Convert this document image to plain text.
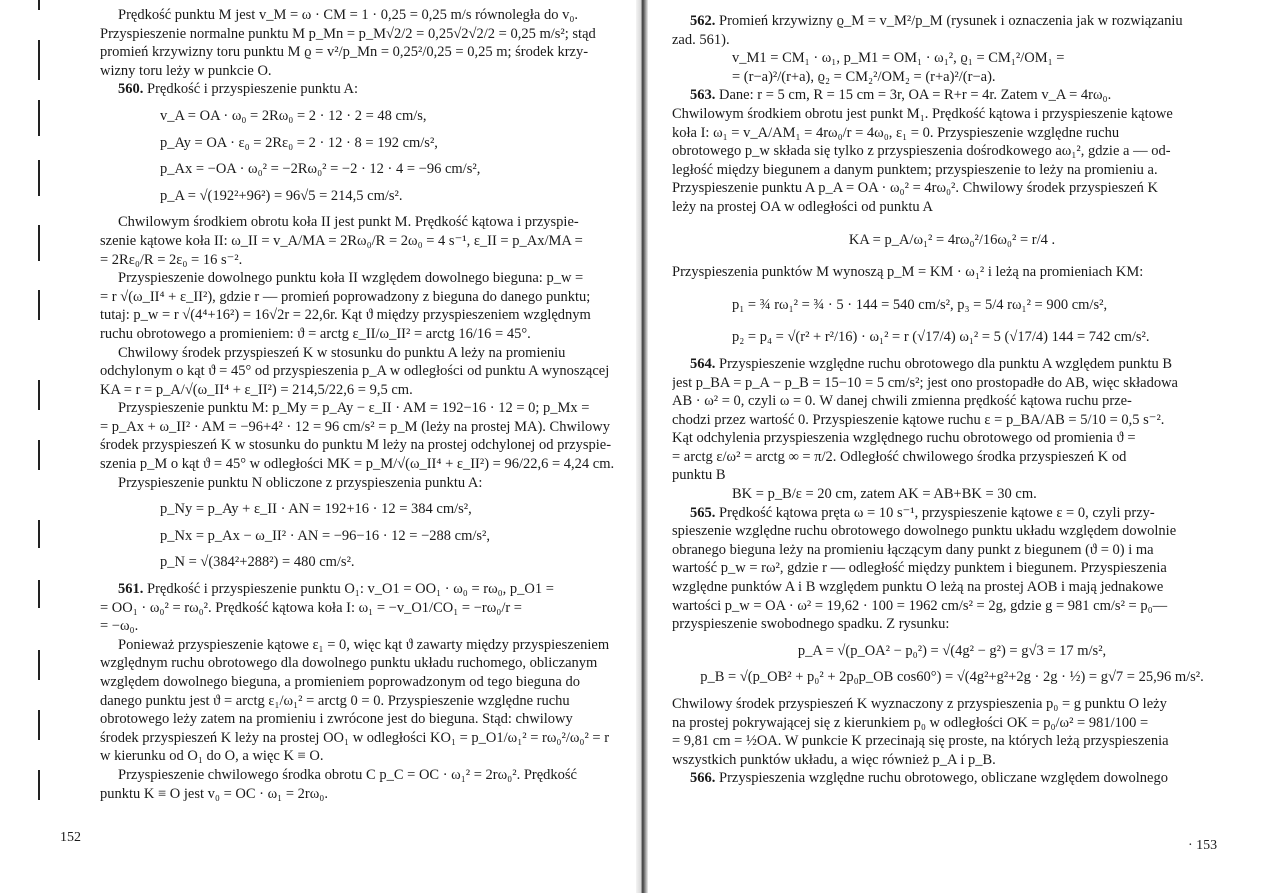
Prędkość punktu M jest v_M = ω · CM = 1 · 0,25 = 0,25 m/s równoległa do v₀.
Przyspieszenie normalne punktu M p_Mn = p_M√2/2 = 0,25√2√2/2 = 0,25 m/s²; stąd
promień krzywizny toru punktu M ϱ = v²/p_Mn = 0,25²/0,25 = 0,25 m; środek krzy-
wizny toru leży w punkcie O.
560. Prędkość i przyspieszenie punktu A:
v_A = OA · ω₀ = 2Rω₀ = 2 · 12 · 2 = 48 cm/s,
p_Ay = OA · ε₀ = 2Rε₀ = 2 · 12 · 8 = 192 cm/s²,
p_Ax = −OA · ω₀² = −2Rω₀² = −2 · 12 · 4 = −96 cm/s²,
p_A = √(192²+96²) = 96√5 = 214,5 cm/s².
Chwilowym środkiem obrotu koła II jest punkt M. Prędkość kątowa i przyspie-
szenie kątowe koła II: ω_II = v_A/MA = 2Rω₀/R = 2ω₀ = 4 s⁻¹, ε_II = p_Ax/MA =
= 2Rε₀/R = 2ε₀ = 16 s⁻².
Przyspieszenie dowolnego punktu koła II względem dowolnego bieguna: p_w =
= r √(ω_II⁴ + ε_II²), gdzie r — promień poprowadzony z bieguna do danego punktu;
tutaj: p_w = r √(4⁴+16²) = 16√2r = 22,6r. Kąt ϑ między przyspieszeniem względnym
ruchu obrotowego a promieniem: ϑ = arctg ε_II/ω_II² = arctg 16/16 = 45°.
Chwilowy środek przyspieszeń K w stosunku do punktu A leży na promieniu
odchylonym o kąt ϑ = 45° od przyspieszenia p_A w odległości od punktu A wynoszącej
KA = r = p_A/√(ω_II⁴ + ε_II²) = 214,5/22,6 = 9,5 cm.
Przyspieszenie punktu M: p_My = p_Ay − ε_II · AM = 192−16 · 12 = 0; p_Mx =
= p_Ax + ω_II² · AM = −96+4² · 12 = 96 cm/s² = p_M (leży na prostej MA). Chwilowy
środek przyspieszeń K w stosunku do punktu M leży na prostej odchylonej od przyspie-
szenia p_M o kąt ϑ = 45° w odległości MK = p_M/√(ω_II⁴ + ε_II²) = 96/22,6 = 4,24 cm.
Przyspieszenie punktu N obliczone z przyspieszenia punktu A:
p_Ny = p_Ay + ε_II · AN = 192+16 · 12 = 384 cm/s²,
p_Nx = p_Ax − ω_II² · AN = −96−16 · 12 = −288 cm/s²,
p_N = √(384²+288²) = 480 cm/s².
561. Prędkość i przyspieszenie punktu O₁: v_O1 = OO₁ · ω₀ = rω₀, p_O1 =
= OO₁ · ω₀² = rω₀². Prędkość kątowa koła I: ω₁ = −v_O1/CO₁ = −rω₀/r =
= −ω₀.
Ponieważ przyspieszenie kątowe ε₁ = 0, więc kąt ϑ zawarty między przyspieszeniem
względnym ruchu obrotowego dla dowolnego punktu układu ruchomego, obliczanym
względem dowolnego bieguna, a promieniem poprowadzonym od tego bieguna do
danego punktu jest ϑ = arctg ε₁/ω₁² = arctg 0 = 0. Przyspieszenie względne ruchu
obrotowego leży zatem na promieniu i zwrócone jest do bieguna. Stąd: chwilowy
środek przyspieszeń K leży na prostej OO₁ w odległości KO₁ = p_O1/ω₁² = rω₀²/ω₀² = r
w kierunku od O₁ do O, a więc K ≡ O.
Przyspieszenie chwilowego środka obrotu C p_C = OC · ω₁² = 2rω₀². Prędkość
punktu K ≡ O jest v₀ = OC · ω₁ = 2rω₀.
152
562. Promień krzywizny ϱ_M = v_M²/p_M (rysunek i oznaczenia jak w rozwiązaniu
zad. 561).
v_M1 = CM₁ · ω₁, p_M1 = OM₁ · ω₁², ϱ₁ = CM₁²/OM₁ =
= (r−a)²/(r+a), ϱ₂ = CM₂²/OM₂ = (r+a)²/(r−a).
563. Dane: r = 5 cm, R = 15 cm = 3r, OA = R+r = 4r. Zatem v_A = 4rω₀.
Chwilowym środkiem obrotu jest punkt M₁. Prędkość kątowa i przyspieszenie kątowe
koła I: ω₁ = v_A/AM₁ = 4rω₀/r = 4ω₀, ε₁ = 0. Przyspieszenie względne ruchu
obrotowego p_w składa się tylko z przyspieszenia dośrodkowego aω₁², gdzie a — od-
ległość między biegunem a danym punktem; przyspieszenie to leży na promieniu a.
Przyspieszenie punktu A p_A = OA · ω₀² = 4rω₀². Chwilowy środek przyspieszeń K
leży na prostej OA w odległości od punktu A
KA = p_A/ω₁² = 4rω₀²/16ω₀² = r/4 .
Przyspieszenia punktów M wynoszą p_M = KM · ω₁² i leżą na promieniach KM:
p₁ = ¾ rω₁² = ¾ · 5 · 144 = 540 cm/s², p₃ = 5/4 rω₁² = 900 cm/s²,
p₂ = p₄ = √(r² + r²/16) · ω₁² = r (√17/4) ω₁² = 5 (√17/4) 144 = 742 cm/s².
564. Przyspieszenie względne ruchu obrotowego dla punktu A względem punktu B
jest p_BA = p_A − p_B = 15−10 = 5 cm/s²; jest ono prostopadłe do AB, więc składowa
AB · ω² = 0, czyli ω = 0. W danej chwili zmienna prędkość kątowa ruchu prze-
chodzi przez wartość 0. Przyspieszenie kątowe ruchu ε = p_BA/AB = 5/10 = 0,5 s⁻².
Kąt odchylenia przyspieszenia względnego ruchu obrotowego od promienia ϑ =
= arctg ε/ω² = arctg ∞ = π/2. Odległość chwilowego środka przyspieszeń K od
punktu B
BK = p_B/ε = 20 cm, zatem AK = AB+BK = 30 cm.
565. Prędkość kątowa pręta ω = 10 s⁻¹, przyspieszenie kątowe ε = 0, czyli przy-
spieszenie względne ruchu obrotowego dowolnego punktu układu względem dowolnie
obranego bieguna leży na promieniu łączącym dany punkt z biegunem (ϑ = 0) i ma
wartość p_w = rω², gdzie r — odległość między punktem i biegunem. Przyspieszenia
względne punktów A i B względem punktu O leżą na prostej AOB i mają jednakowe
wartości p_w = OA · ω² = 19,62 · 100 = 1962 cm/s² = 2g, gdzie g = 981 cm/s² = p₀—
przyspieszenie swobodnego spadku. Z rysunku:
p_A = √(p_OA² − p₀²) = √(4g² − g²) = g√3 = 17 m/s²,
p_B = √(p_OB² + p₀² + 2p₀p_OB cos60°) = √(4g²+g²+2g · 2g · ½) = g√7 = 25,96 m/s².
Chwilowy środek przyspieszeń K wyznaczony z przyspieszenia p₀ = g punktu O leży
na prostej pokrywającej się z kierunkiem p₀ w odległości OK = p₀/ω² = 981/100 =
= 9,81 cm = ½OA. W punkcie K przecinają się proste, na których leżą przyspieszenia
wszystkich punktów układu, a więc również p_A i p_B.
566. Przyspieszenia względne ruchu obrotowego, obliczane względem dowolnego
· 153
